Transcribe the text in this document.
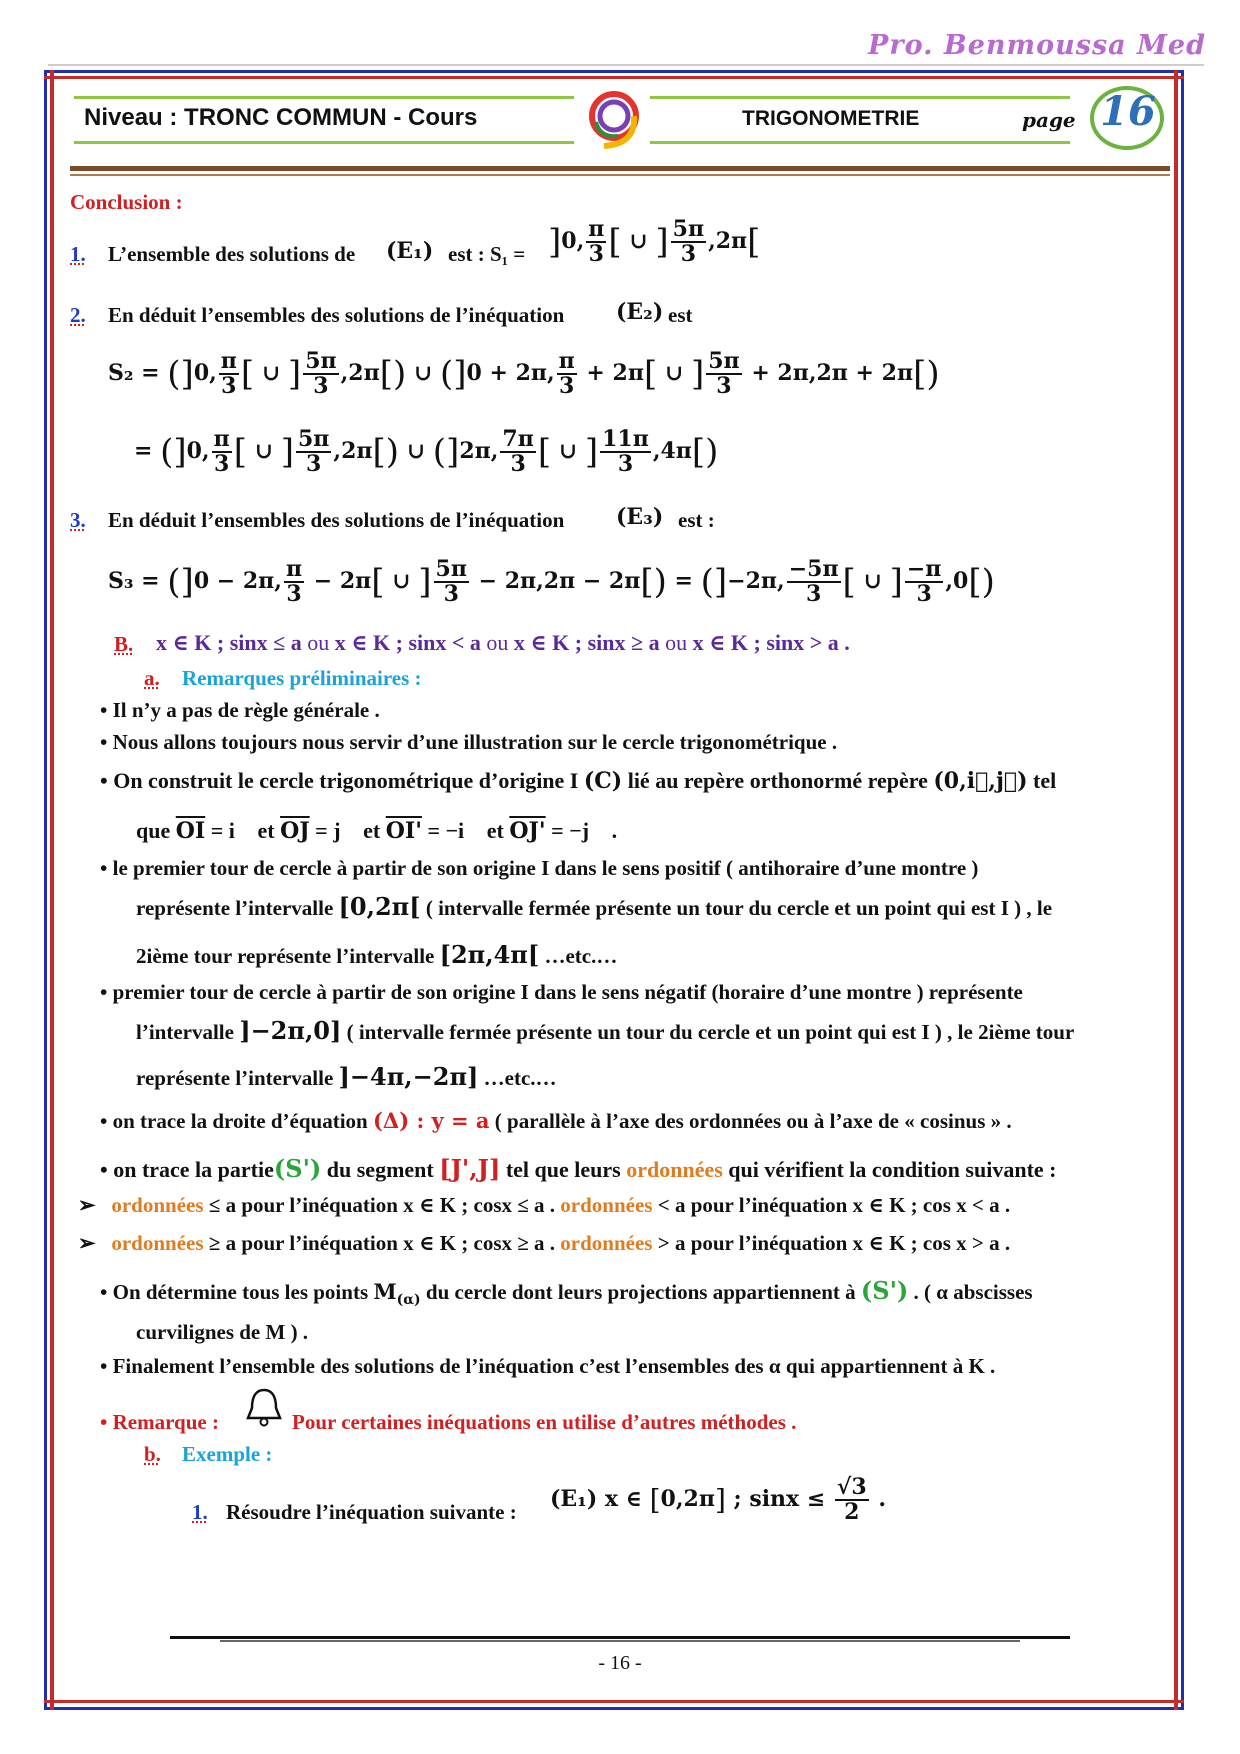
Pro. Benmoussa Med
Niveau : TRONC COMMUN - Cours	TRIGONOMETRIE	page 16
Conclusion :
1. L’ensemble des solutions de (E₁) est : S₁ = ]0, $\frac{\pi}{3}$ [ ∪ ] $\frac{5\pi}{3} ,2\pi$[
2. En déduit l’ensembles des solutions de l’inéquation (E₂) est
S₂ = (]0, $\frac{\pi}{3}$ [ ∪ ] $\frac{5\pi}{3} ,2\pi[)$ ∪ (]0 + 2π, $\frac{\pi}{3} + 2\pi$[ ∪ ] $\frac{5\pi}{3} + 2\pi,2\pi + 2\pi[)$
= (]0, $\frac{\pi}{3}$ [ ∪ ] $\frac{5\pi}{3} ,2\pi[)$ ∪ (]2π, $\frac{7\pi}{3}$ [ ∪ ] $\frac{11\pi}{3} ,4\pi[)$
3. En déduit l’ensembles des solutions de l’inéquation (E₃) est :
S₃ = (]0 − 2π, $\frac{\pi}{3} - 2\pi$[ ∪ ] $\frac{5\pi}{3} - 2\pi,2\pi - 2\pi[) = (]-2\pi$, $\frac{-5\pi}{3}$ [ ∪ ] $\frac{-\pi}{3} ,0[)$
B. x ∈ K ; sinx ≤ a ou x ∈ K ; sinx < a ou x ∈ K ; sinx ≥ a ou x ∈ K ; sinx > a .
a. Remarques préliminaires :
• Il n’y a pas de règle générale .
• Nous allons toujours nous servir d’une illustration sur le cercle trigonométrique .
• On construit le cercle trigonométrique d’origine I (C) lié au repère orthonormé repère (0,i⃗,j⃗) tel
que $\overline{OI}$ = i⃗ et $\overline{OJ}$ = j⃗ et OI' = −i⃗ et OJ' = −j⃗ .
• le premier tour de cercle à partir de son origine I dans le sens positif ( antihoraire d’une montre )
représente l’intervalle [0,2π[ ( intervalle fermée présente un tour du cercle et un point qui est I ) , le
2ième tour représente l’intervalle [2π,4π[ …etc.…
• premier tour de cercle à partir de son origine I dans le sens négatif (horaire d’une montre ) représente
l’intervalle ]−2π,0] ( intervalle fermée présente un tour du cercle et un point qui est I ) , le 2ième tour
représente l’intervalle ]−4π,−2π] …etc.…
• on trace la droite d’équation (Δ) : y = a ( parallèle à l’axe des ordonnées ou à l’axe de « cosinus » .
• on trace la partie(S') du segment [J',J] tel que leurs ordonnées qui vérifient la condition suivante :
➢   ordonnées ≤ a pour l’inéquation x ∈ K ; cosx ≤ a . ordonnées < a pour l’inéquation x ∈ K ; cos x < a .
➢   ordonnées ≥ a pour l’inéquation x ∈ K ; cosx ≥ a . ordonnées > a pour l’inéquation x ∈ K ; cos x > a .
• On détermine tous les points $M_{(\alpha)}$ du cercle dont leurs projections appartiennent à (S') . ( α abscisses
curvilignes de M ) .
• Finalement l’ensemble des solutions de l’inéquation c’est l’ensembles des α qui appartiennent à K .
• Remarque :	Pour certaines inéquations en utilise d’autres méthodes .
b. Exemple :
1. Résoudre l’inéquation suivante : (E₁) x ∈ [0,2π] ; $\sin x \le \frac{√3}{2}$ .
- 16 -
